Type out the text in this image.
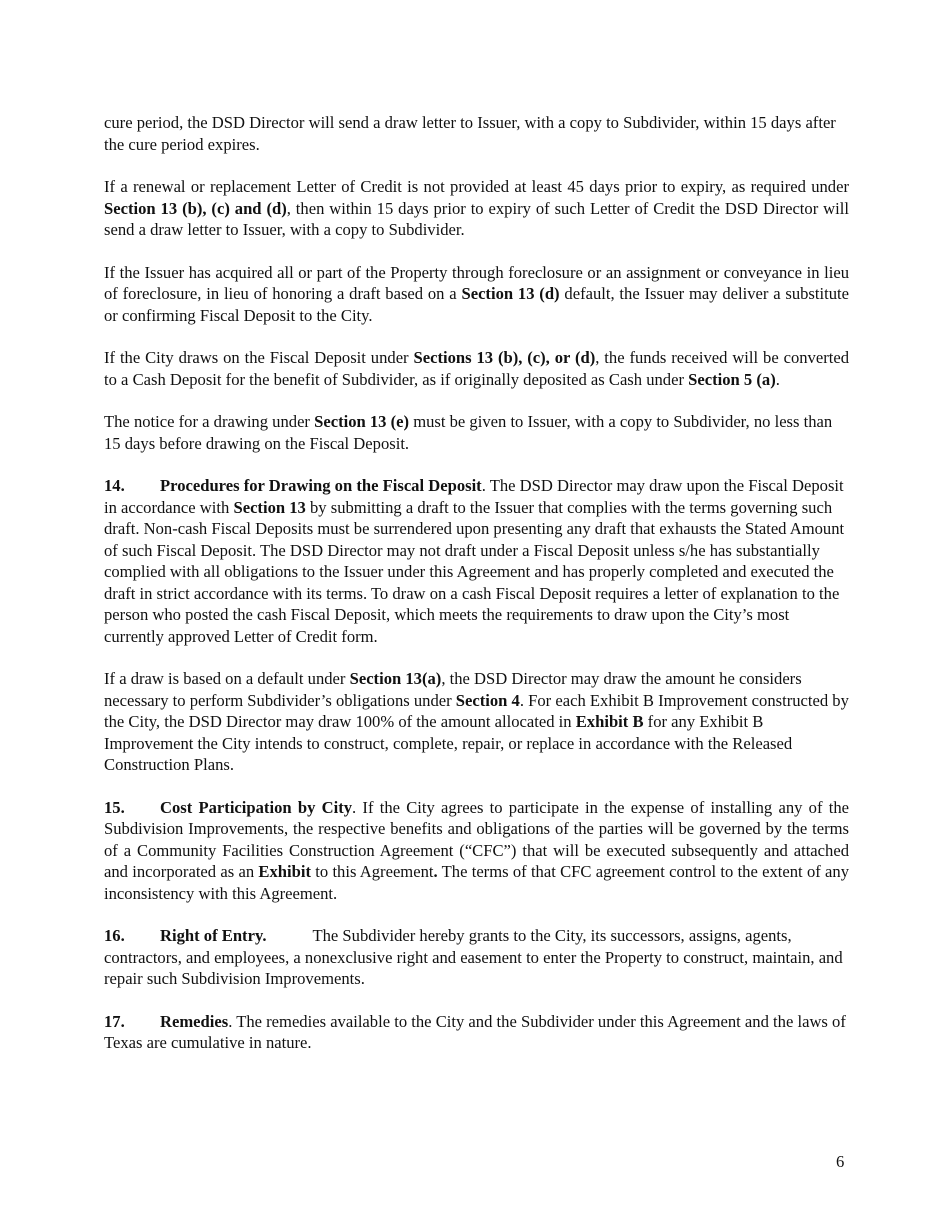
cure period, the DSD Director will send a draw letter to Issuer, with a copy to Subdivider, within 15 days after the cure period expires.

If a renewal or replacement Letter of Credit is not provided at least 45 days prior to expiry, as required under Section 13 (b), (c) and (d), then within 15 days prior to expiry of such Letter of Credit the DSD Director will send a draw letter to Issuer, with a copy to Subdivider.

If the Issuer has acquired all or part of the Property through foreclosure or an assignment or conveyance in lieu of foreclosure, in lieu of honoring a draft based on a Section 13 (d) default, the Issuer may deliver a substitute or confirming Fiscal Deposit to the City.

If the City draws on the Fiscal Deposit under Sections 13 (b), (c), or (d), the funds received will be converted to a Cash Deposit for the benefit of Subdivider, as if originally deposited as Cash under Section 5 (a).

The notice for a drawing under Section 13 (e) must be given to Issuer, with a copy to Subdivider, no less than 15 days before drawing on the Fiscal Deposit.

14. Procedures for Drawing on the Fiscal Deposit. The DSD Director may draw upon the Fiscal Deposit in accordance with Section 13 by submitting a draft to the Issuer that complies with the terms governing such draft. Non-cash Fiscal Deposits must be surrendered upon presenting any draft that exhausts the Stated Amount of such Fiscal Deposit. The DSD Director may not draft under a Fiscal Deposit unless s/he has substantially complied with all obligations to the Issuer under this Agreement and has properly completed and executed the draft in strict accordance with its terms. To draw on a cash Fiscal Deposit requires a letter of explanation to the person who posted the cash Fiscal Deposit, which meets the requirements to draw upon the City’s most currently approved Letter of Credit form.

If a draw is based on a default under Section 13(a), the DSD Director may draw the amount he considers necessary to perform Subdivider’s obligations under Section 4. For each Exhibit B Improvement constructed by the City, the DSD Director may draw 100% of the amount allocated in Exhibit B for any Exhibit B Improvement the City intends to construct, complete, repair, or replace in accordance with the Released Construction Plans.

15. Cost Participation by City. If the City agrees to participate in the expense of installing any of the Subdivision Improvements, the respective benefits and obligations of the parties will be governed by the terms of a Community Facilities Construction Agreement (“CFC”) that will be executed subsequently and attached and incorporated as an Exhibit to this Agreement. The terms of that CFC agreement control to the extent of any inconsistency with this Agreement.

16. Right of Entry.	The Subdivider hereby grants to the City, its successors, assigns, agents, contractors, and employees, a nonexclusive right and easement to enter the Property to construct, maintain, and repair such Subdivision Improvements.

17. Remedies. The remedies available to the City and the Subdivider under this Agreement and the laws of Texas are cumulative in nature.

6
